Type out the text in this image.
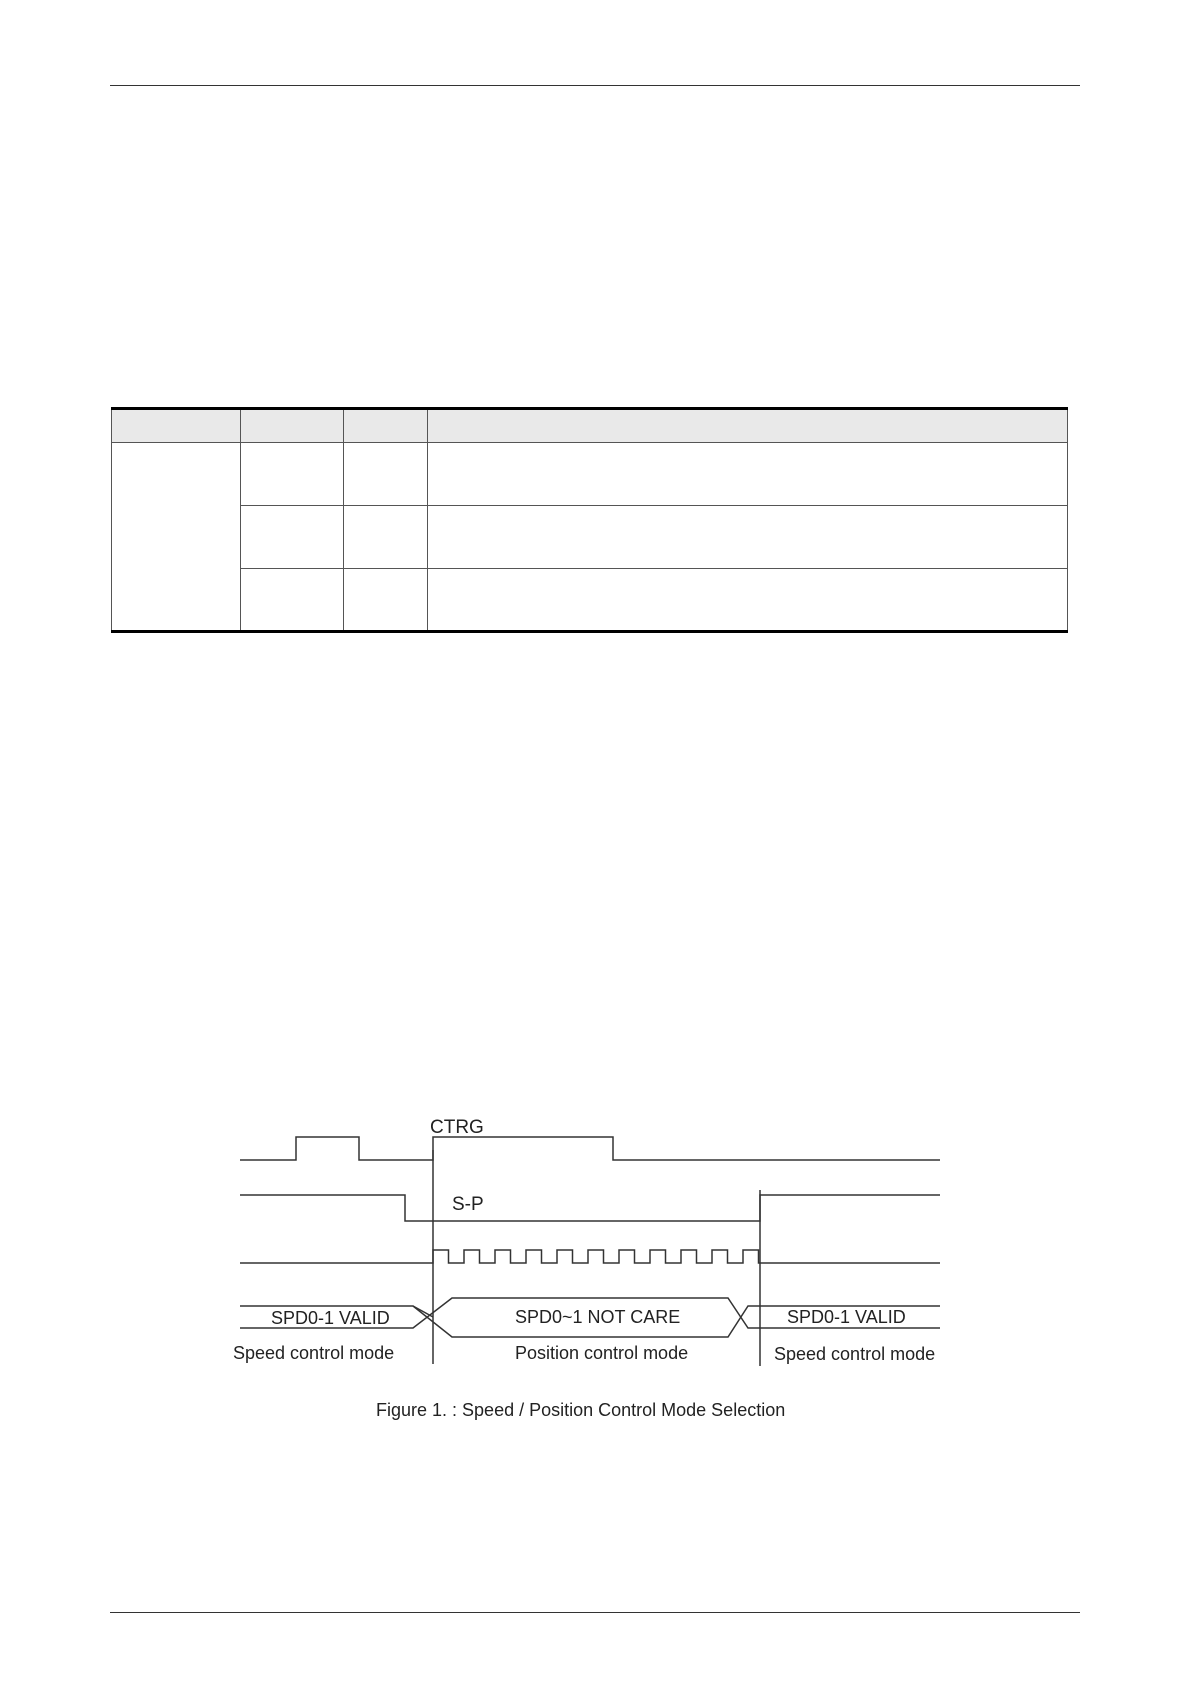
CTRG
S-P
SPD0-1 VALID	SPD0~1 NOT CARE	SPD0-1 VALID
Speed control mode	Position control mode	Speed control mode
Figure 1. : Speed / Position Control Mode Selection
